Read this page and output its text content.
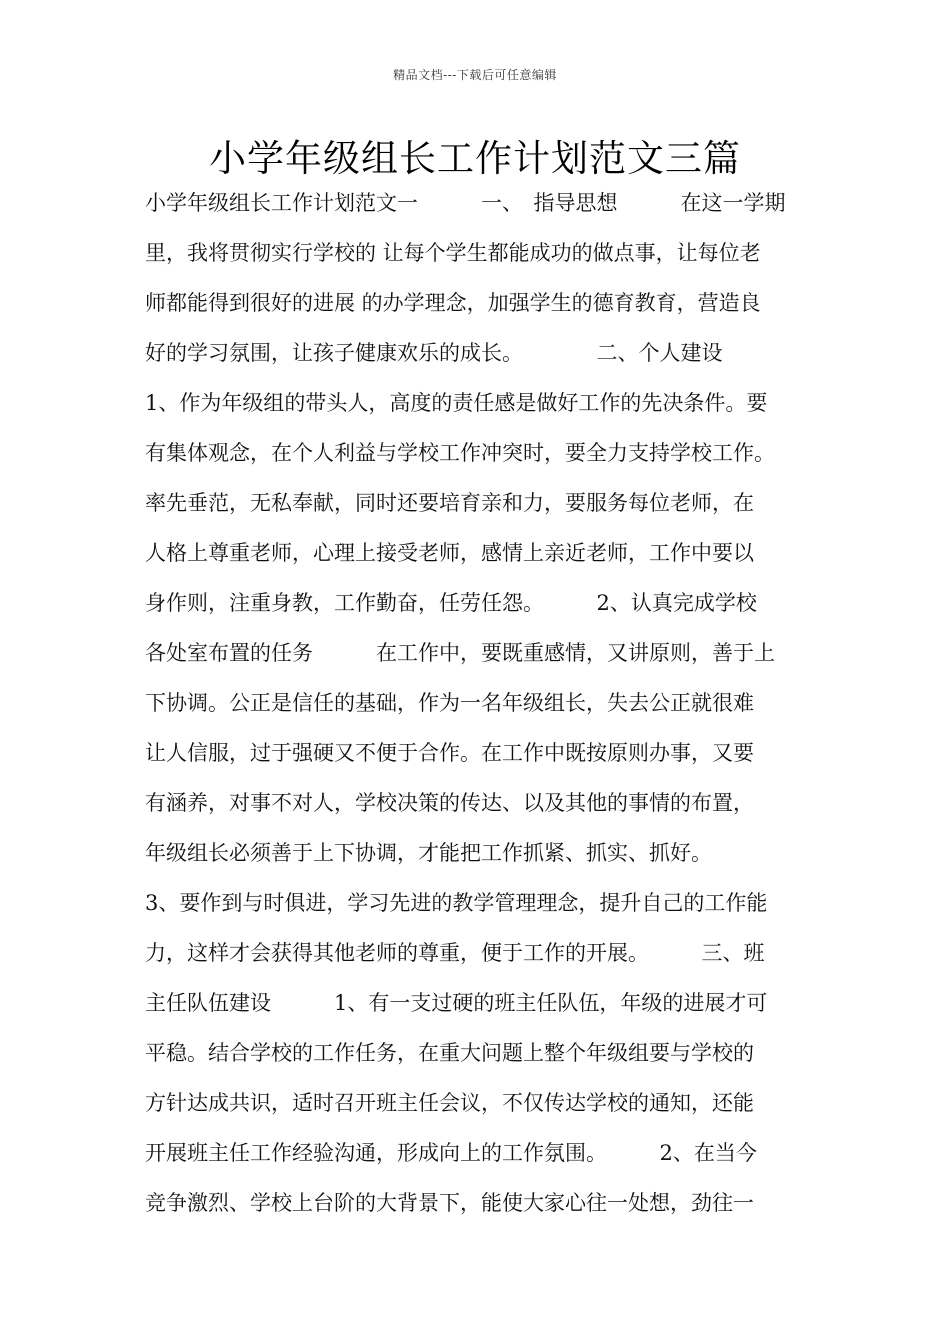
精品文档---下载后可任意编辑
小学年级组长工作计划范文三篇
小学年级组长工作计划范文一　　　一、　指导思想　　　在这一学期
里，我将贯彻实行学校的 让每个学生都能成功的做点事，让每位老
师都能得到很好的进展 的办学理念，加强学生的德育教育，营造良
好的学习氛围，让孩子健康欢乐的成长。　　　　二、个人建设
1、作为年级组的带头人，高度的责任感是做好工作的先决条件。要
有集体观念，在个人利益与学校工作冲突时，要全力支持学校工作。
率先垂范，无私奉献，同时还要培育亲和力，要服务每位老师，在
人格上尊重老师，心理上接受老师，感情上亲近老师，工作中要以
身作则，注重身教，工作勤奋，任劳任怨。　　　2、认真完成学校
各处室布置的任务　　　在工作中，要既重感情，又讲原则，善于上
下协调。公正是信任的基础，作为一名年级组长，失去公正就很难
让人信服，过于强硬又不便于合作。在工作中既按原则办事，又要
有涵养，对事不对人，学校决策的传达、以及其他的事情的布置，
年级组长必须善于上下协调，才能把工作抓紧、抓实、抓好。
3、要作到与时俱进，学习先进的教学管理理念，提升自己的工作能
力，这样才会获得其他老师的尊重，便于工作的开展。　　　三、班
主任队伍建设　　　1、有一支过硬的班主任队伍，年级的进展才可
平稳。结合学校的工作任务，在重大问题上整个年级组要与学校的
方针达成共识，适时召开班主任会议，不仅传达学校的通知，还能
开展班主任工作经验沟通，形成向上的工作氛围。　　　2、在当今
竞争激烈、学校上台阶的大背景下，能使大家心往一处想，劲往一
